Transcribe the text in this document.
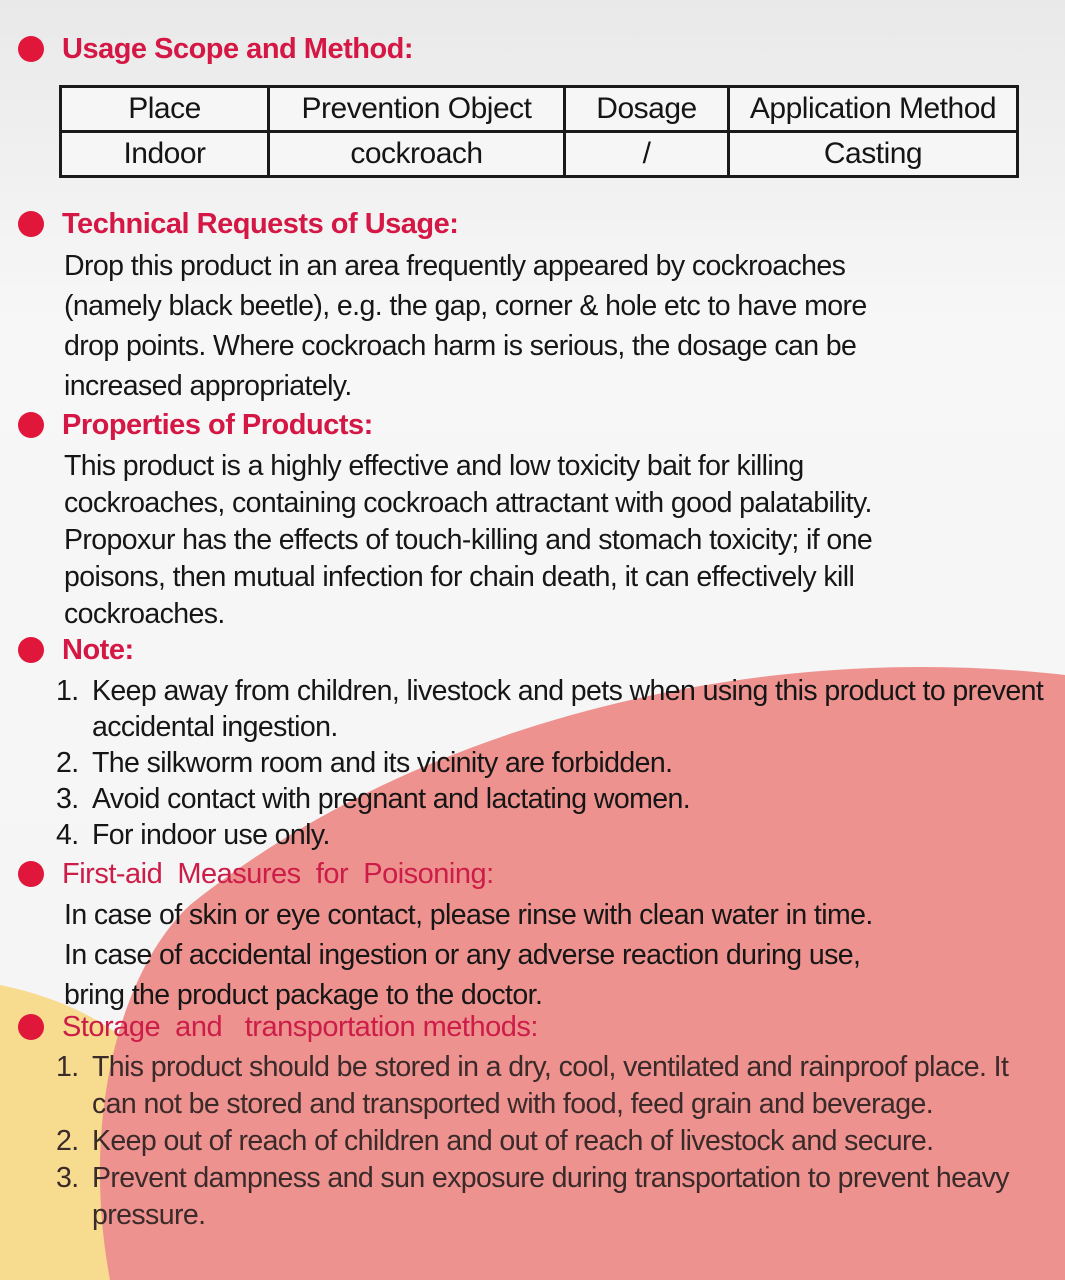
Usage Scope and Method:
Place	Prevention Object	Dosage	Application Method
Indoor	cockroach	/	Casting
Technical Requests of Usage:

Drop this product in an area frequently appeared by cockroaches

(namely black beetle), e.g. the gap, corner & hole etc to have more

drop points. Where cockroach harm is serious, the dosage can be

increased appropriately.

Properties of Products:

This product is a highly effective and low toxicity bait for killing

cockroaches, containing cockroach attractant with good palatability.

Propoxur has the effects of touch-killing and stomach toxicity; if one

poisons, then mutual infection for chain death, it can effectively kill

cockroaches.

Note:
1. Keep away from children, livestock and pets when using this product to prevent accidental ingestion.
2. The silkworm room and its vicinity are forbidden.
3. Avoid contact with pregnant and lactating women.
4. For indoor use only.
First-aid  Measures  for  Poisoning:

In case of skin or eye contact, please rinse with clean water in time.

In case of accidental ingestion or any adverse reaction during use,

bring the product package to the doctor.

Storage  and   transportation methods:
1. This product should be stored in a dry, cool, ventilated and rainproof place. It can not be stored and transported with food, feed grain and beverage.
2. Keep out of reach of children and out of reach of livestock and secure.
3. Prevent dampness and sun exposure during transportation to prevent heavy pressure.
